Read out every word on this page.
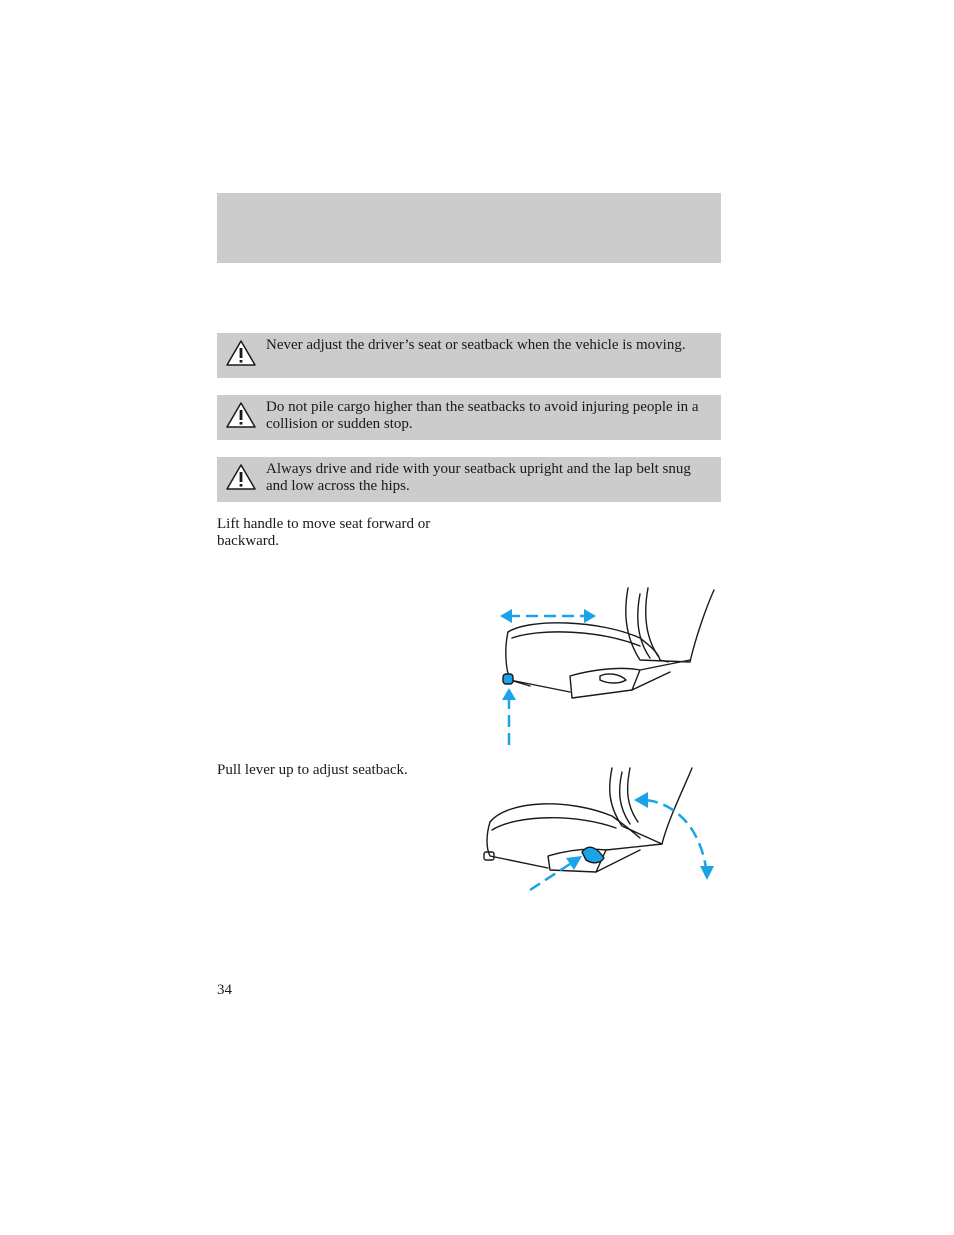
Never adjust the driver’s seat or seatback when the vehicle is moving.
Do not pile cargo higher than the seatbacks to avoid injuring people in a collision or sudden stop.
Always drive and ride with your seatback upright and the lap belt snug and low across the hips.
Lift handle to move seat forward or backward.
Pull lever up to adjust seatback.
34
